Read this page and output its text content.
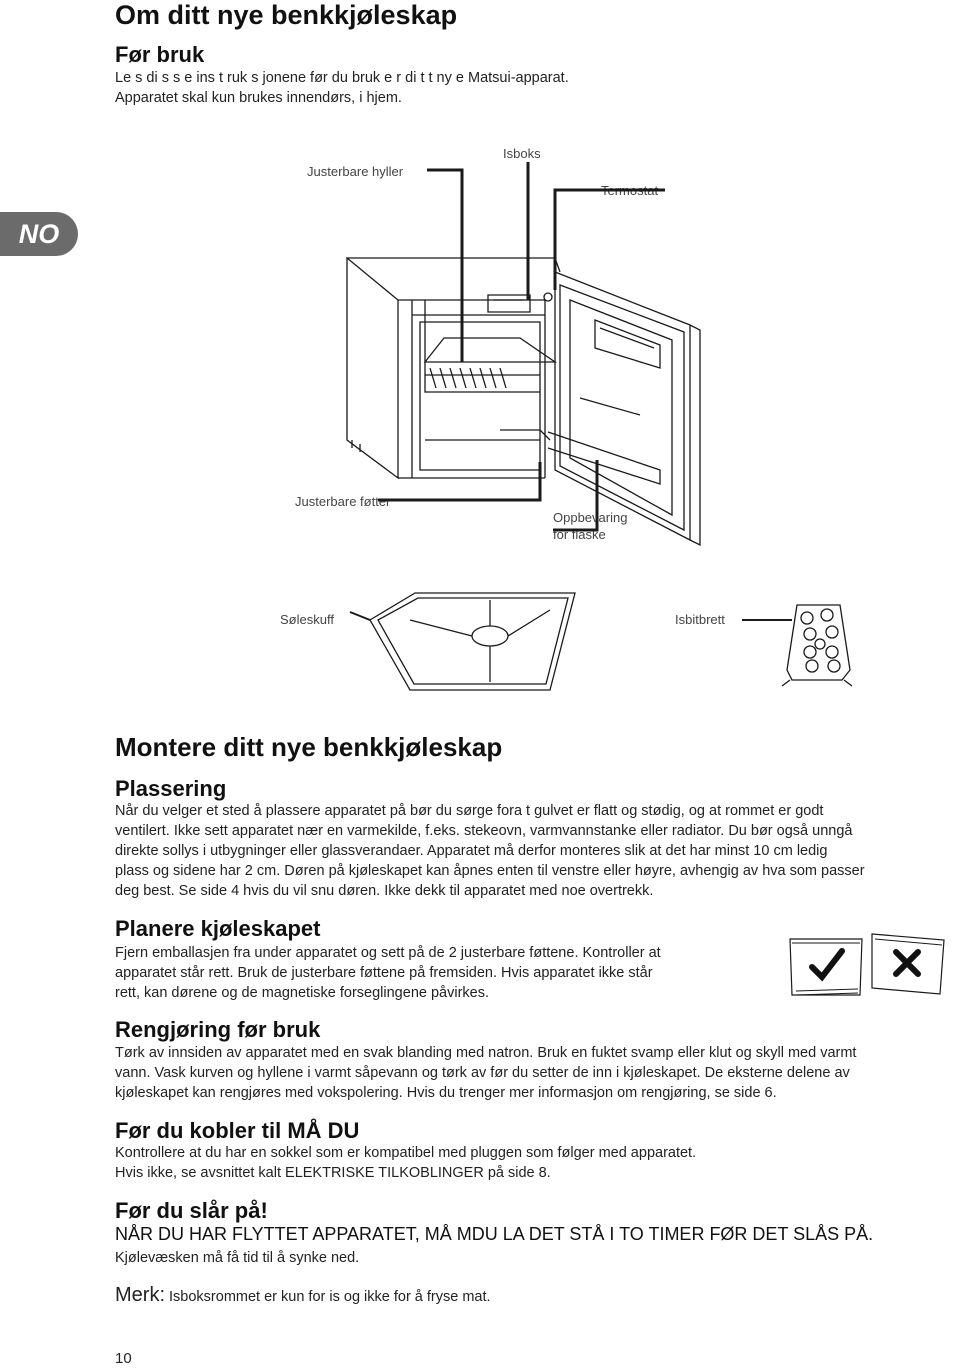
Om ditt nye benkkjøleskap
NO
Før bruk
Le s di s s e ins t ruk s jonene før du bruk e r di t t ny e Matsui-apparat.
Apparatet skal kun brukes innendørs, i hjem.
Justerbare hyller
Isboks
Termostat
Justerbare føtter
Oppbevaring
for flaske
Søleskuff	Isbitbrett
Montere ditt nye benkkjøleskap
Plassering
Når du velger et sted å plassere apparatet på bør du sørge fora t gulvet er flatt og stødig, og at rommet er godt
ventilert. Ikke sett apparatet nær en varmekilde, f.eks. stekeovn, varmvannstanke eller radiator. Du bør også unngå
direkte sollys i utbygninger eller glassverandaer. Apparatet må derfor monteres slik at det har minst 10 cm ledig
plass og sidene har 2 cm. Døren på kjøleskapet kan åpnes enten til venstre eller høyre, avhengig av hva som passer
deg best. Se side 4 hvis du vil snu døren. Ikke dekk til apparatet med noe overtrekk.
Planere kjøleskapet
Fjern emballasjen fra under apparatet og sett på de 2 justerbare føttene. Kontroller at
apparatet står rett. Bruk de justerbare føttene på fremsiden. Hvis apparatet ikke står
rett, kan dørene og de magnetiske forseglingene påvirkes.
Rengjøring før bruk
Tørk av innsiden av apparatet med en svak blanding med natron. Bruk en fuktet svamp eller klut og skyll med varmt
vann. Vask kurven og hyllene i varmt såpevann og tørk av før du setter de inn i kjøleskapet. De eksterne delene av
kjøleskapet kan rengjøres med vokspolering. Hvis du trenger mer informasjon om rengjøring, se side 6.
Før du kobler til MÅ DU
Kontrollere at du har en sokkel som er kompatibel med pluggen som følger med apparatet.
Hvis ikke, se avsnittet kalt ELEKTRISKE TILKOBLINGER på side 8.
Før du slår på!
NÅR DU HAR FLYTTET APPARATET, MÅ MDU LA DET STÅ I TO TIMER FØR DET SLÅS PÅ.
Kjølevæsken må få tid til å synke ned.
Merk: Isboksrommet er kun for is og ikke for å fryse mat.
10
